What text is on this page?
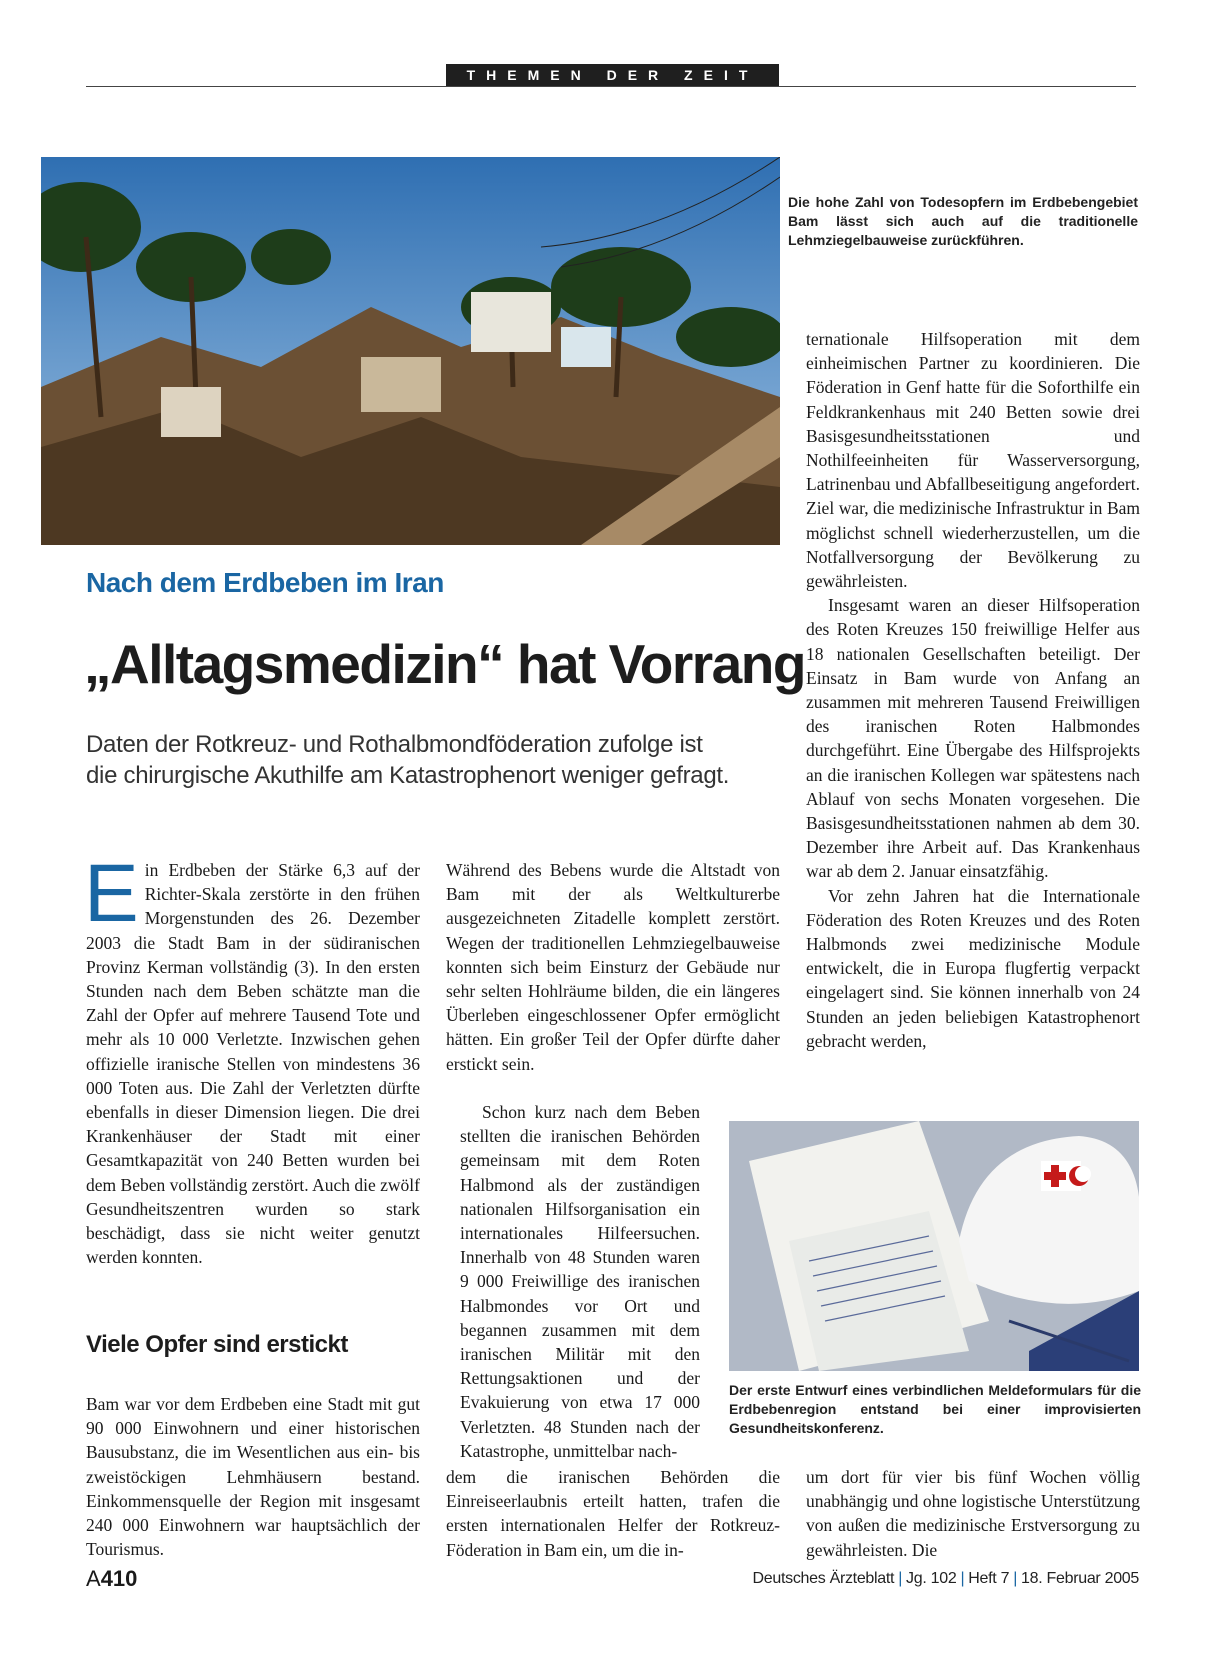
THEMEN DER ZEIT
Die hohe Zahl von Todesopfern im Erdbebengebiet Bam lässt sich auch auf die traditionelle Lehmziegelbauweise zurückführen.
Nach dem Erdbeben im Iran
„Alltagsmedizin“ hat Vorrang
Daten der Rotkreuz- und Rothalbmondföderation zufolge ist
die chirurgische Akuthilfe am Katastrophenort weniger gefragt.
E in Erdbeben der Stärke 6,3 auf der Richter-Skala zerstörte in den frühen Morgenstunden des 26. Dezember 2003 die Stadt Bam in der südiranischen Provinz Kerman vollständig (3). In den ersten Stunden nach dem Beben schätzte man die Zahl der Opfer auf mehrere Tausend Tote und mehr als 10 000 Verletzte. Inzwischen gehen offizielle iranische Stellen von mindestens 36 000 Toten aus. Die Zahl der Verletzten dürfte ebenfalls in dieser Dimension liegen. Die drei Krankenhäuser der Stadt mit einer Gesamtkapazität von 240 Betten wurden bei dem Beben vollständig zerstört. Auch die zwölf Gesundheitszentren wurden so stark beschädigt, dass sie nicht weiter genutzt werden konnten.

Viele Opfer sind erstickt

Bam war vor dem Erdbeben eine Stadt mit gut 90 000 Einwohnern und einer historischen Bausubstanz, die im Wesentlichen aus ein- bis zweistöckigen Lehmhäusern bestand. Einkommensquelle der Region mit insgesamt 240 000 Einwohnern war hauptsächlich der Tourismus.

Während des Bebens wurde die Altstadt von Bam mit der als Weltkulturerbe ausgezeichneten Zitadelle komplett zerstört. Wegen der traditionellen Lehmziegelbauweise konnten sich beim Einsturz der Gebäude nur sehr selten Hohlräume bilden, die ein längeres Überleben eingeschlossener Opfer ermöglicht hätten. Ein großer Teil der Opfer dürfte daher erstickt sein.

Schon kurz nach dem Beben stellten die iranischen Behörden gemeinsam mit dem Roten Halbmond als der zuständigen nationalen Hilfsorganisation ein internationales Hilfeersuchen. Innerhalb von 48 Stunden waren 9 000 Freiwillige des iranischen Halbmondes vor Ort und begannen zusammen mit dem iranischen Militär mit den Rettungsaktionen und der Evakuierung von etwa 17 000 Verletzten. 48 Stunden nach der Katastrophe, unmittelbar nach-

dem die iranischen Behörden die Einreiseerlaubnis erteilt hatten, trafen die ersten internationalen Helfer der Rotkreuz-Föderation in Bam ein, um die in-

ternationale Hilfsoperation mit dem einheimischen Partner zu koordinieren. Die Föderation in Genf hatte für die Soforthilfe ein Feldkrankenhaus mit 240 Betten sowie drei Basisgesundheitsstationen und Nothilfeeinheiten für Wasserversorgung, Latrinenbau und Abfallbeseitigung angefordert. Ziel war, die medizinische Infrastruktur in Bam möglichst schnell wiederherzustellen, um die Notfallversorgung der Bevölkerung zu gewährleisten.

Insgesamt waren an dieser Hilfsoperation des Roten Kreuzes 150 freiwillige Helfer aus 18 nationalen Gesellschaften beteiligt. Der Einsatz in Bam wurde von Anfang an zusammen mit mehreren Tausend Freiwilligen des iranischen Roten Halbmondes durchgeführt. Eine Übergabe des Hilfsprojekts an die iranischen Kollegen war spätestens nach Ablauf von sechs Monaten vorgesehen. Die Basisgesundheitsstationen nahmen ab dem 30. Dezember ihre Arbeit auf. Das Krankenhaus war ab dem 2. Januar einsatzfähig.

Vor zehn Jahren hat die Internationale Föderation des Roten Kreuzes und des Roten Halbmonds zwei medizinische Module entwickelt, die in Europa flugfertig verpackt eingelagert sind. Sie können innerhalb von 24 Stunden an jeden beliebigen Katastrophenort gebracht werden,

Der erste Entwurf eines verbindlichen Meldeformulars für die Erdbebenregion entstand bei einer improvisierten Gesundheitskonferenz.

um dort für vier bis fünf Wochen völlig unabhängig und ohne logistische Unterstützung von außen die medizinische Erstversorgung zu gewährleisten. Die

A410	Deutsches Ärzteblatt | Jg. 102 | Heft 7 | 18. Februar 2005
